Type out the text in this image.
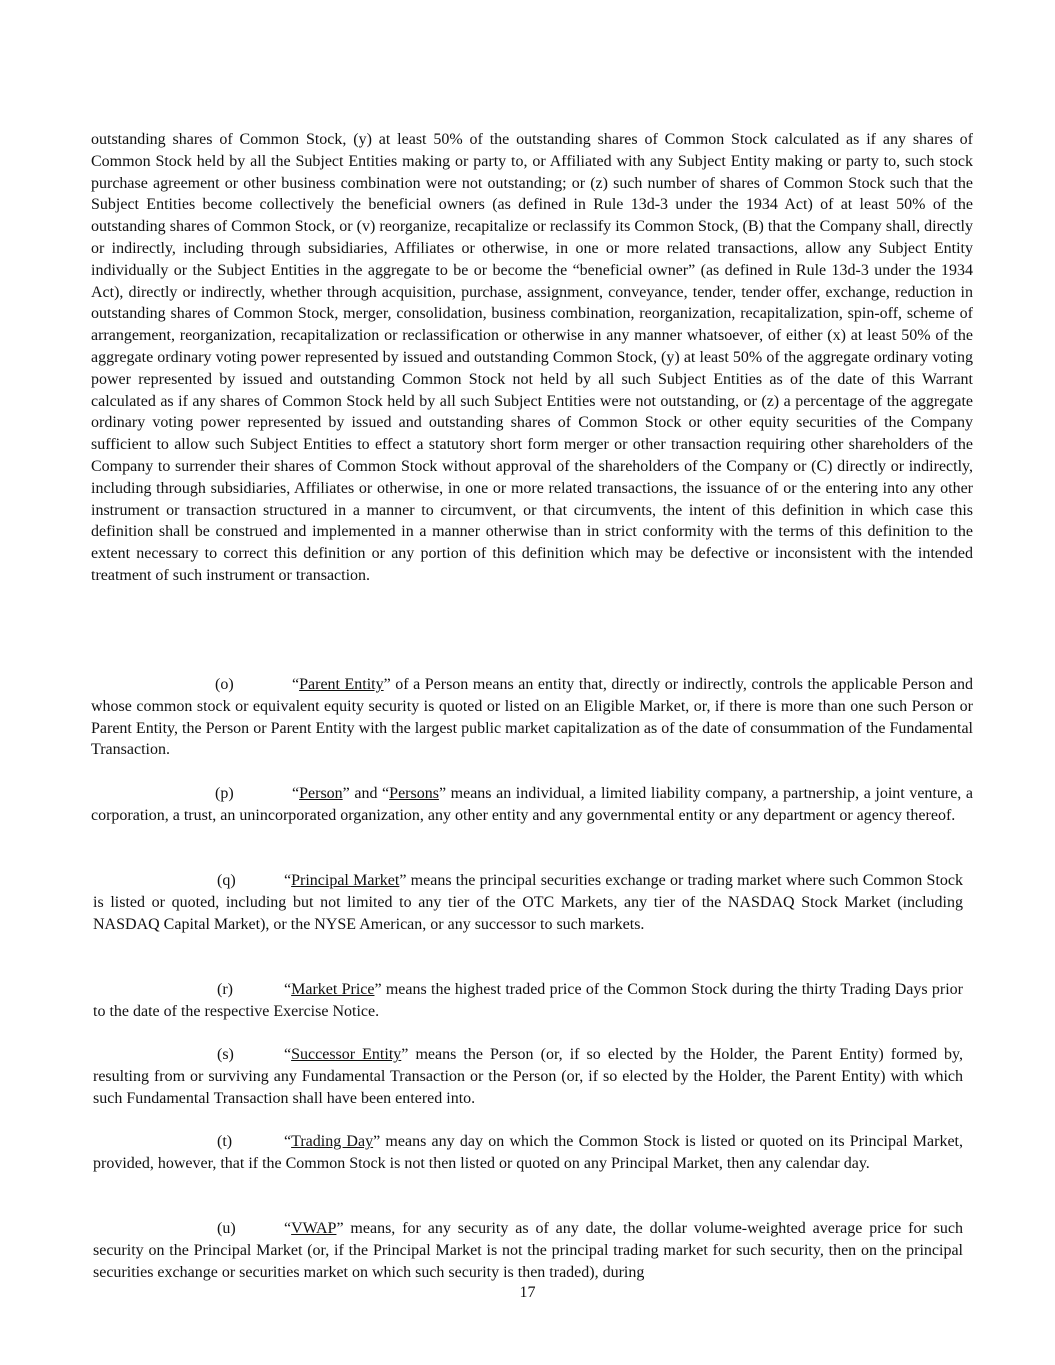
outstanding shares of Common Stock, (y) at least 50% of the outstanding shares of Common Stock calculated as if any shares of Common Stock held by all the Subject Entities making or party to, or Affiliated with any Subject Entity making or party to, such stock purchase agreement or other business combination were not outstanding; or (z) such number of shares of Common Stock such that the Subject Entities become collectively the beneficial owners (as defined in Rule 13d-3 under the 1934 Act) of at least 50% of the outstanding shares of Common Stock, or (v) reorganize, recapitalize or reclassify its Common Stock, (B) that the Company shall, directly or indirectly, including through subsidiaries, Affiliates or otherwise, in one or more related transactions, allow any Subject Entity individually or the Subject Entities in the aggregate to be or become the “beneficial owner” (as defined in Rule 13d-3 under the 1934 Act), directly or indirectly, whether through acquisition, purchase, assignment, conveyance, tender, tender offer, exchange, reduction in outstanding shares of Common Stock, merger, consolidation, business combination, reorganization, recapitalization, spin-off, scheme of arrangement, reorganization, recapitalization or reclassification or otherwise in any manner whatsoever, of either (x) at least 50% of the aggregate ordinary voting power represented by issued and outstanding Common Stock, (y) at least 50% of the aggregate ordinary voting power represented by issued and outstanding Common Stock not held by all such Subject Entities as of the date of this Warrant calculated as if any shares of Common Stock held by all such Subject Entities were not outstanding, or (z) a percentage of the aggregate ordinary voting power represented by issued and outstanding shares of Common Stock or other equity securities of the Company sufficient to allow such Subject Entities to effect a statutory short form merger or other transaction requiring other shareholders of the Company to surrender their shares of Common Stock without approval of the shareholders of the Company or (C) directly or indirectly, including through subsidiaries, Affiliates or otherwise, in one or more related transactions, the issuance of or the entering into any other instrument or transaction structured in a manner to circumvent, or that circumvents, the intent of this definition in which case this definition shall be construed and implemented in a manner otherwise than in strict conformity with the terms of this definition to the extent necessary to correct this definition or any portion of this definition which may be defective or inconsistent with the intended treatment of such instrument or transaction.

(o)	“Parent Entity” of a Person means an entity that, directly or indirectly, controls the applicable Person and whose common stock or equivalent equity security is quoted or listed on an Eligible Market, or, if there is more than one such Person or Parent Entity, the Person or Parent Entity with the largest public market capitalization as of the date of consummation of the Fundamental Transaction.

(p)	“Person” and “Persons” means an individual, a limited liability company, a partnership, a joint venture, a corporation, a trust, an unincorporated organization, any other entity and any governmental entity or any department or agency thereof.

(q)	“Principal Market” means the principal securities exchange or trading market where such Common Stock is listed or quoted, including but not limited to any tier of the OTC Markets, any tier of the NASDAQ Stock Market (including NASDAQ Capital Market), or the NYSE American, or any successor to such markets.

(r)	“Market Price” means the highest traded price of the Common Stock during the thirty Trading Days prior to the date of the respective Exercise Notice.

(s)	“Successor Entity” means the Person (or, if so elected by the Holder, the Parent Entity) formed by, resulting from or surviving any Fundamental Transaction or the Person (or, if so elected by the Holder, the Parent Entity) with which such Fundamental Transaction shall have been entered into.

(t)	“Trading Day” means any day on which the Common Stock is listed or quoted on its Principal Market, provided, however, that if the Common Stock is not then listed or quoted on any Principal Market, then any calendar day.

(u)	“VWAP” means, for any security as of any date, the dollar volume-weighted average price for such security on the Principal Market (or, if the Principal Market is not the principal trading market for such security, then on the principal securities exchange or securities market on which such security is then traded), during

17
